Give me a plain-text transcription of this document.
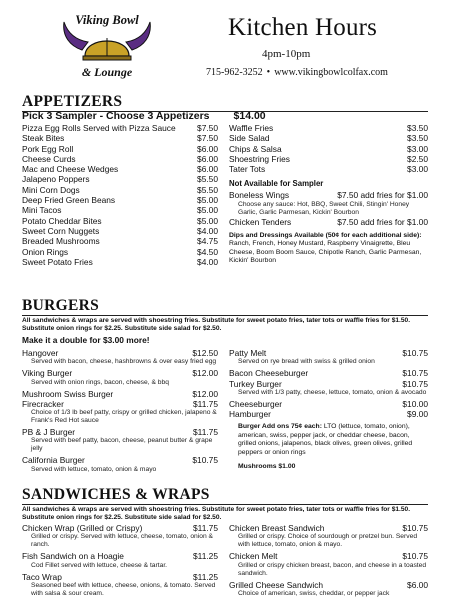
Viking Bowl
& Lounge
Kitchen Hours
4pm-10pm
715-962-3252 • www.vikingbowlcolfax.com
APPETIZERS
Pick 3 Sampler - Choose 3 Appetizers $14.00
Pizza Egg Rolls Served with Pizza Sauce	$7.50
Steak Bites	$7.50
Pork Egg Roll	$6.00
Cheese Curds	$6.00
Mac and Cheese Wedges	$6.00
Jalapeno Poppers	$5.50
Mini Corn Dogs	$5.50
Deep Fried Green Beans	$5.00
Mini Tacos	$5.00
Potato Cheddar Bites	$5.00
Sweet Corn Nuggets	$4.00
Breaded Mushrooms	$4.75
Onion Rings	$4.50
Sweet Potato Fries	$4.00
Waffle Fries	$3.50
Side Salad	$3.50
Chips & Salsa	$3.00
Shoestring Fries	$2.50
Tater Tots	$3.00
Not Available for Sampler
Boneless Wings	$7.50 add fries for $1.00
Choose any sauce: Hot, BBQ, Sweet Chili, Stingin' Honey Garlic, Garlic Parmesan, Kickin' Bourbon
Chicken Tenders	$7.50 add fries for $1.00
Dips and Dressings Available (50¢ for each additional side): Ranch, French, Honey Mustard, Raspberry Vinaigrette, Bleu Cheese, Boom Boom Sauce, Chipotle Ranch, Garlic Parmesan, Kickin' Bourbon
BURGERS
All sandwiches & wraps are served with shoestring fries. Substitute for sweet potato fries, tater tots or waffle fries for $1.50. Substitute onion rings for $2.25. Substitute side salad for $2.50.
Make it a double for $3.00 more!
Hangover	$12.50
Served with bacon, cheese, hashbrowns & over easy fried egg
Viking Burger	$12.00
Served with onion rings, bacon, cheese, & bbq
Mushroom Swiss Burger	$12.00
Firecracker	$11.75
Choice of 1/3 lb beef patty, crispy or grilled chicken, jalapeno & Frank's Red Hot sauce
PB & J Burger	$11.75
Served with beef patty, bacon, cheese, peanut butter & grape jelly
California Burger	$10.75
Served with lettuce, tomato, onion & mayo
Patty Melt	$10.75
Served on rye bread with swiss & grilled onion
Bacon Cheeseburger	$10.75
Turkey Burger	$10.75
Served with 1/3 patty, cheese, lettuce, tomato, onion & avocado
Cheeseburger	$10.00
Hamburger	$9.00
Burger Add ons 75¢ each: LTO (lettuce, tomato, onion), american, swiss, pepper jack, or cheddar cheese, bacon, grilled onions, jalapenos, black olives, green olives, grilled peppers or onion rings
Mushrooms $1.00
SANDWICHES & WRAPS
All sandwiches & wraps are served with shoestring fries. Substitute for sweet potato fries, tater tots or waffle fries for $1.50. Substitute onion rings for $2.25. Substitute side salad for $2.50.
Chicken Wrap (Grilled or Crispy)	$11.75
Grilled or crispy. Served with lettuce, cheese, tomato, onion & ranch.
Fish Sandwich on a Hoagie	$11.25
Cod Fillet served with lettuce, cheese & tartar.
Taco Wrap	$11.25
Seasoned beef with lettuce, cheese, onions, & tomato. Served with salsa & sour cream.
Chicken Breast Sandwich	$10.75
Grilled or crispy. Choice of sourdough or pretzel bun. Served with lettuce, tomato, onion & mayo.
Chicken Melt	$10.75
Grilled or crispy chicken breast, bacon, and cheese in a toasted sandwich.
Grilled Cheese Sandwich	$6.00
Choice of american, swiss, cheddar, or pepper jack
